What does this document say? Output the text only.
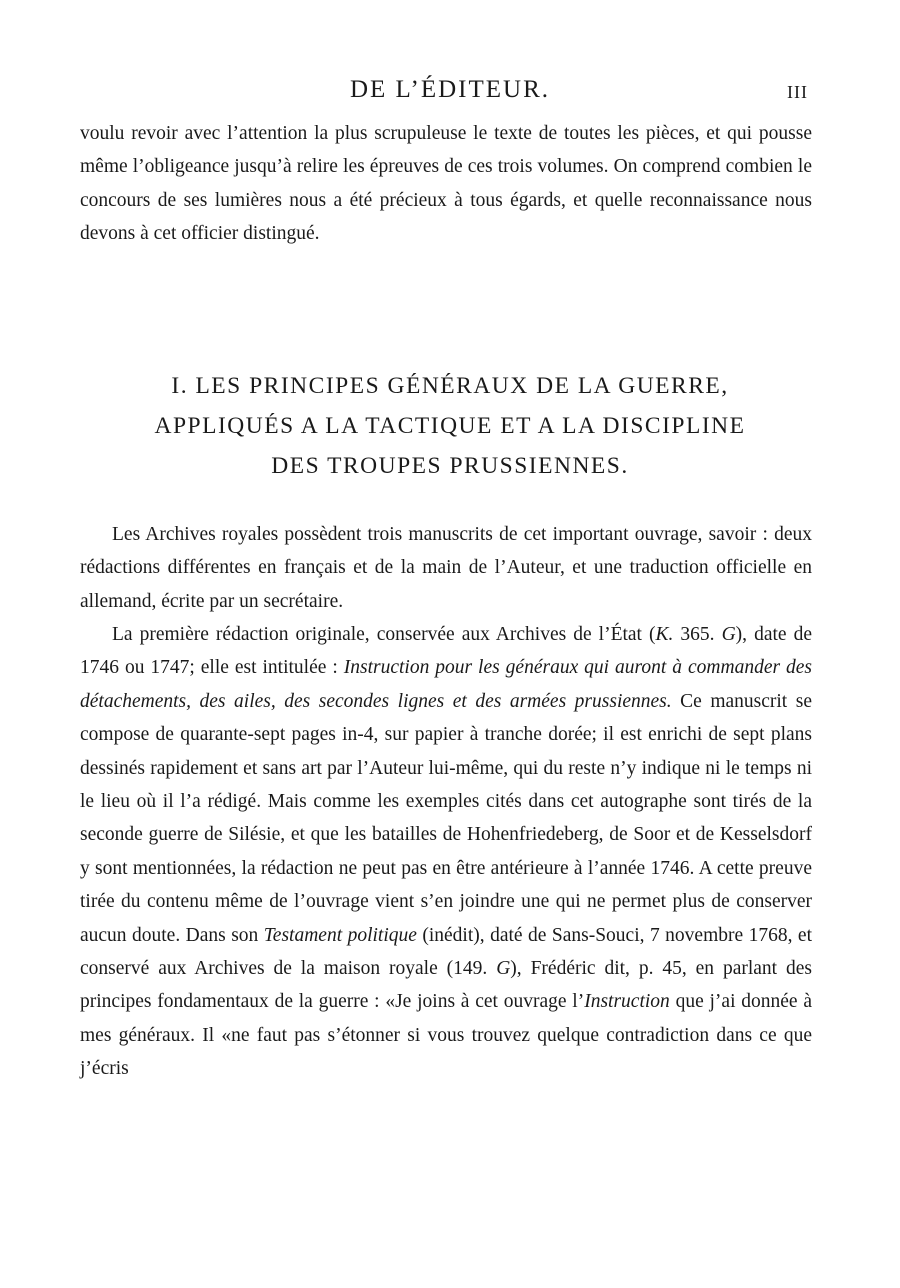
DE L’ÉDITEUR.	III

voulu revoir avec l’attention la plus scrupuleuse le texte de toutes les pièces, et qui pousse même l’obligeance jusqu’à relire les épreuves de ces trois volumes. On comprend combien le concours de ses lumières nous a été précieux à tous égards, et quelle reconnaissance nous devons à cet officier distingué.

I. LES PRINCIPES GÉNÉRAUX DE LA GUERRE,
APPLIQUÉS A LA TACTIQUE ET A LA DISCIPLINE
DES TROUPES PRUSSIENNES.

Les Archives royales possèdent trois manuscrits de cet important ouvrage, savoir : deux rédactions différentes en français et de la main de l’Auteur, et une traduction officielle en allemand, écrite par un secrétaire.

La première rédaction originale, conservée aux Archives de l’État (K. 365. G), date de 1746 ou 1747; elle est intitulée : Instruction pour les généraux qui auront à commander des détachements, des ailes, des secondes lignes et des armées prussiennes. Ce manuscrit se compose de quarante-sept pages in-4, sur papier à tranche dorée; il est enrichi de sept plans dessinés rapidement et sans art par l’Auteur lui-même, qui du reste n’y indique ni le temps ni le lieu où il l’a rédigé. Mais comme les exemples cités dans cet autographe sont tirés de la seconde guerre de Silésie, et que les batailles de Hohenfriedeberg, de Soor et de Kesselsdorf y sont mentionnées, la rédaction ne peut pas en être antérieure à l’année 1746. A cette preuve tirée du contenu même de l’ouvrage vient s’en joindre une qui ne permet plus de conserver aucun doute. Dans son Testament politique (inédit), daté de Sans-Souci, 7 novembre 1768, et conservé aux Archives de la maison royale (149. G), Frédéric dit, p. 45, en parlant des principes fondamentaux de la guerre : «Je joins à cet ouvrage l’Instruction que j’ai donnée à mes généraux. Il «ne faut pas s’étonner si vous trouvez quelque contradiction dans ce que j’écris
